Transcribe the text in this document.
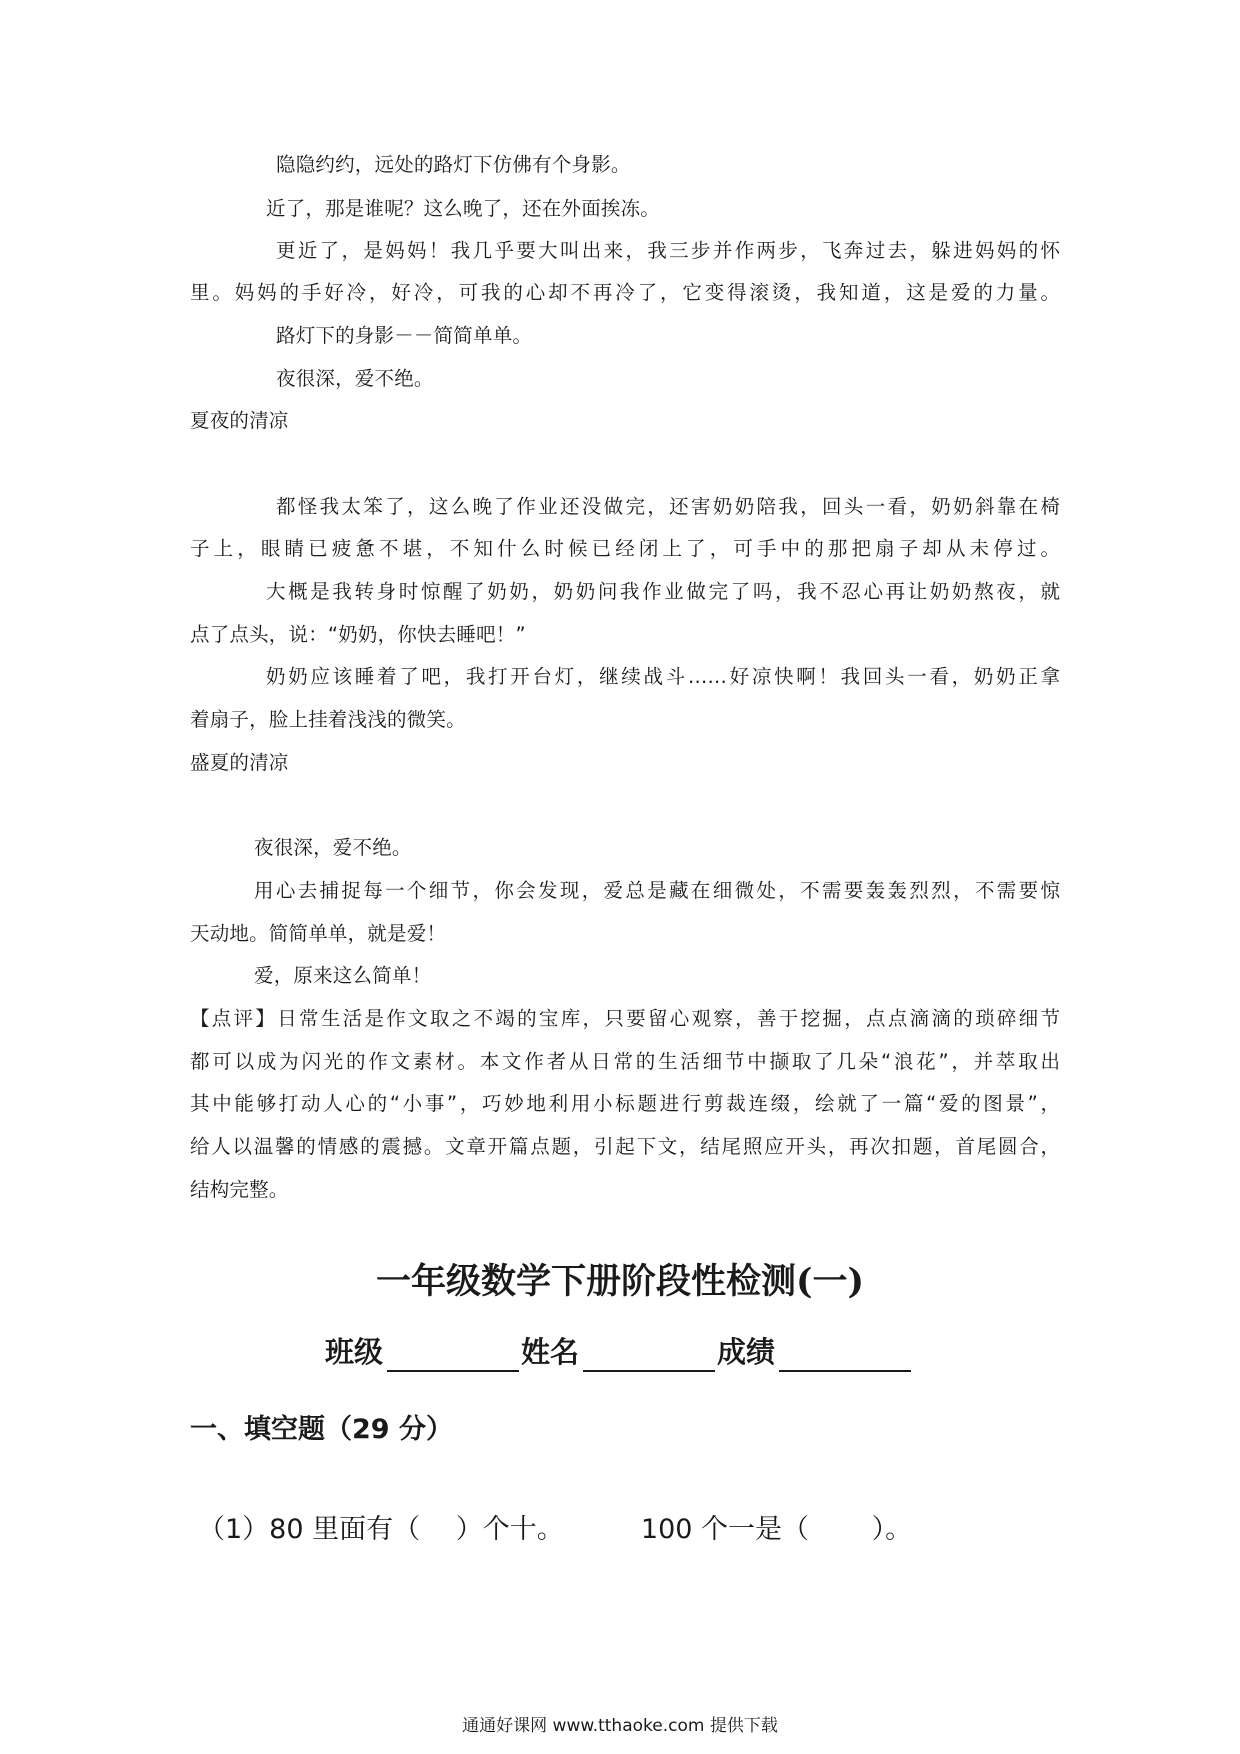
隐隐约约，远处的路灯下仿佛有个身影。
近了，那是谁呢？这么晚了，还在外面挨冻。
更近了，是妈妈！我几乎要大叫出来，我三步并作两步，飞奔过去，躲进妈妈的怀
里。妈妈的手好冷，好冷，可我的心却不再冷了，它变得滚烫，我知道，这是爱的力量。
路灯下的身影－－简简单单。
夜很深，爱不绝。
夏夜的清凉
都怪我太笨了，这么晚了作业还没做完，还害奶奶陪我，回头一看，奶奶斜靠在椅
子上，眼睛已疲惫不堪，不知什么时候已经闭上了，可手中的那把扇子却从未停过。
大概是我转身时惊醒了奶奶，奶奶问我作业做完了吗，我不忍心再让奶奶熬夜，就
点了点头，说：“奶奶，你快去睡吧！”
奶奶应该睡着了吧，我打开台灯，继续战斗……好凉快啊！我回头一看，奶奶正拿
着扇子，脸上挂着浅浅的微笑。
盛夏的清凉
夜很深，爱不绝。
用心去捕捉每一个细节，你会发现，爱总是藏在细微处，不需要轰轰烈烈，不需要惊
天动地。简简单单，就是爱！
爱，原来这么简单！
【点评】日常生活是作文取之不竭的宝库，只要留心观察，善于挖掘，点点滴滴的琐碎细节
都可以成为闪光的作文素材。本文作者从日常的生活细节中撷取了几朵“浪花”，并萃取出
其中能够打动人心的“小事”，巧妙地利用小标题进行剪裁连缀，绘就了一篇“爱的图景”，
给人以温馨的情感的震撼。文章开篇点题，引起下文，结尾照应开头，再次扣题，首尾圆合，
结构完整。
一年级数学下册阶段性检测(一)
班级	姓名	成绩
一、填空题（29 分）
（1）80 里面有（　 ）个十。	100 个一是（　　 ）。
通通好课网 www.tthaoke.com 提供下载
